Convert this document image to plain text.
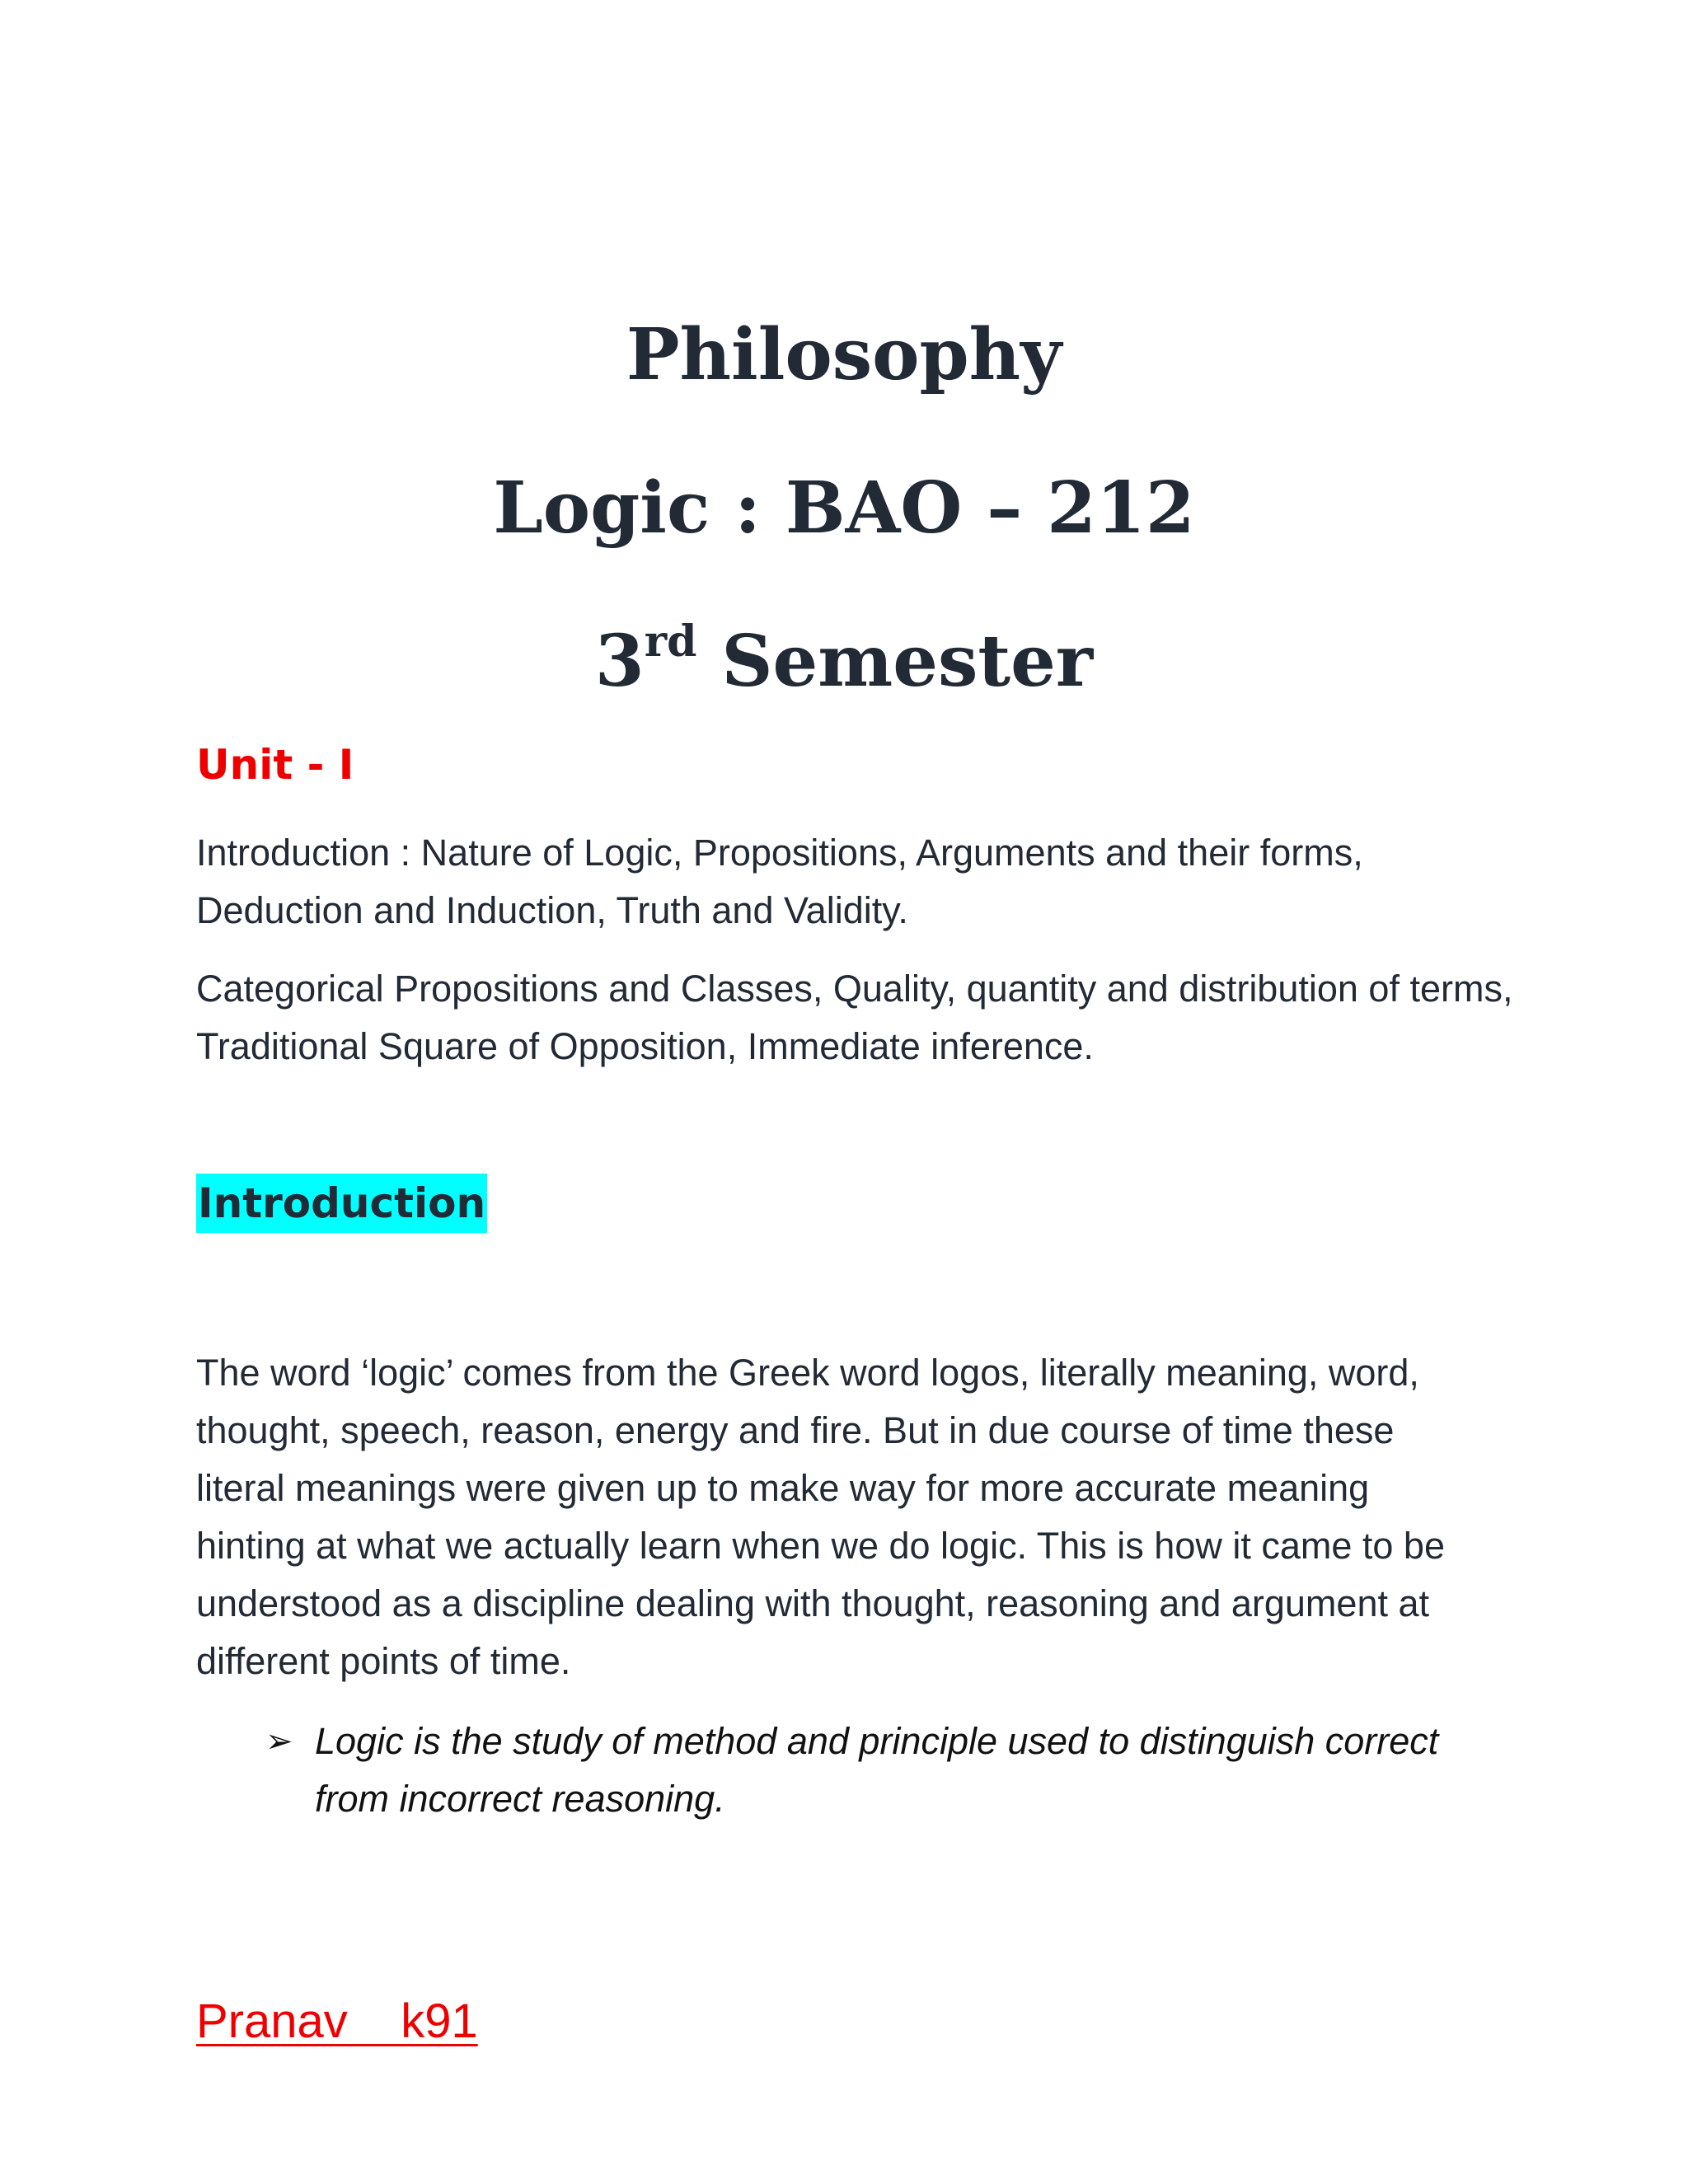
Philosophy
Logic : BAO – 212
3rd Semester
Unit - I
Introduction : Nature of Logic, Propositions, Arguments and their forms, Deduction and Induction, Truth and Validity.
Categorical Propositions and Classes, Quality, quantity and distribution of terms, Traditional Square of Opposition, Immediate inference.
Introduction
The word ‘logic’ comes from the Greek word logos, literally meaning, word, thought, speech, reason, energy and fire. But in due course of time these literal meanings were given up to make way for more accurate meaning hinting at what we actually learn when we do logic. This is how it came to be understood as a discipline dealing with thought, reasoning and argument at different points of time.
➢ Logic is the study of method and principle used to distinguish correct from incorrect reasoning.
Pranav    k91
